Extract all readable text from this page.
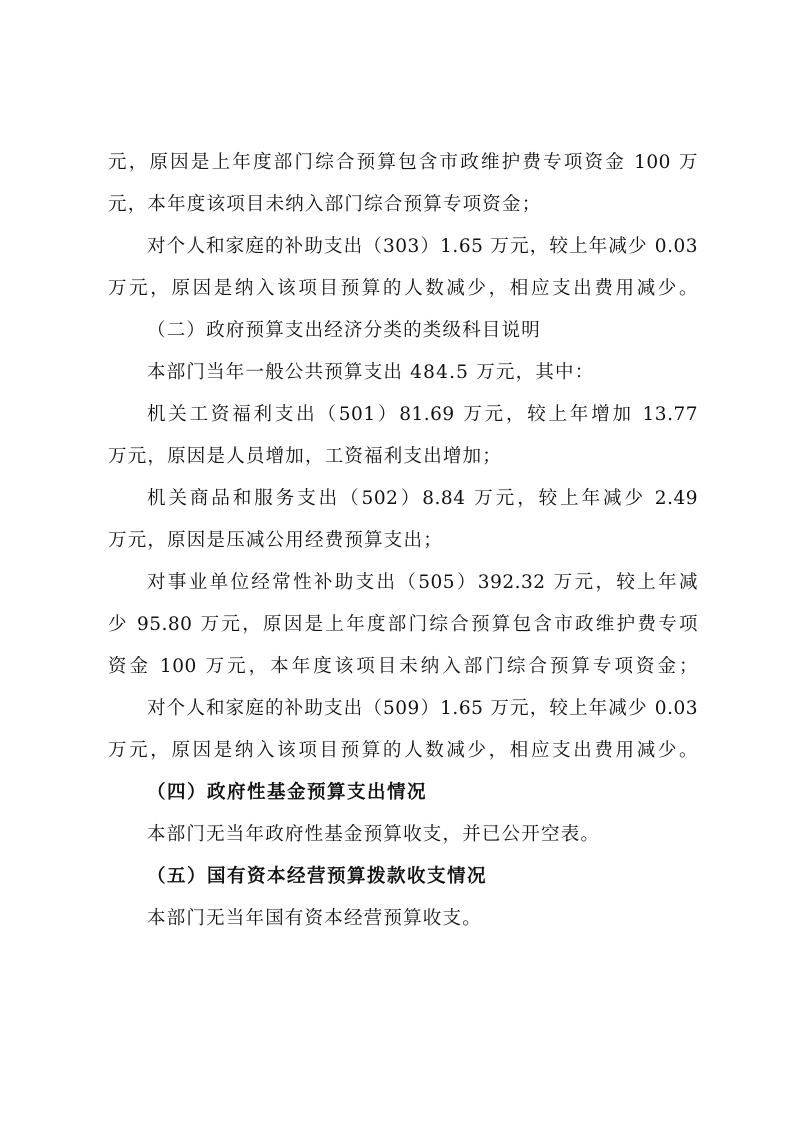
元，原因是上年度部门综合预算包含市政维护费专项资金 100 万
元，本年度该项目未纳入部门综合预算专项资金；
对个人和家庭的补助支出（303）1.65 万元，较上年减少 0.03
万元，原因是纳入该项目预算的人数减少，相应支出费用减少。
（二）政府预算支出经济分类的类级科目说明
本部门当年一般公共预算支出 484.5 万元，其中：
机关工资福利支出（501）81.69 万元，较上年增加 13.77
万元，原因是人员增加，工资福利支出增加；
机关商品和服务支出（502）8.84 万元，较上年减少 2.49
万元，原因是压减公用经费预算支出；
对事业单位经常性补助支出（505）392.32 万元，较上年减
少 95.80 万元，原因是上年度部门综合预算包含市政维护费专项
资金 100 万元，本年度该项目未纳入部门综合预算专项资金；
对个人和家庭的补助支出（509）1.65 万元，较上年减少 0.03
万元，原因是纳入该项目预算的人数减少，相应支出费用减少。
（四）政府性基金预算支出情况
本部门无当年政府性基金预算收支，并已公开空表。
（五）国有资本经营预算拨款收支情况
本部门无当年国有资本经营预算收支。
